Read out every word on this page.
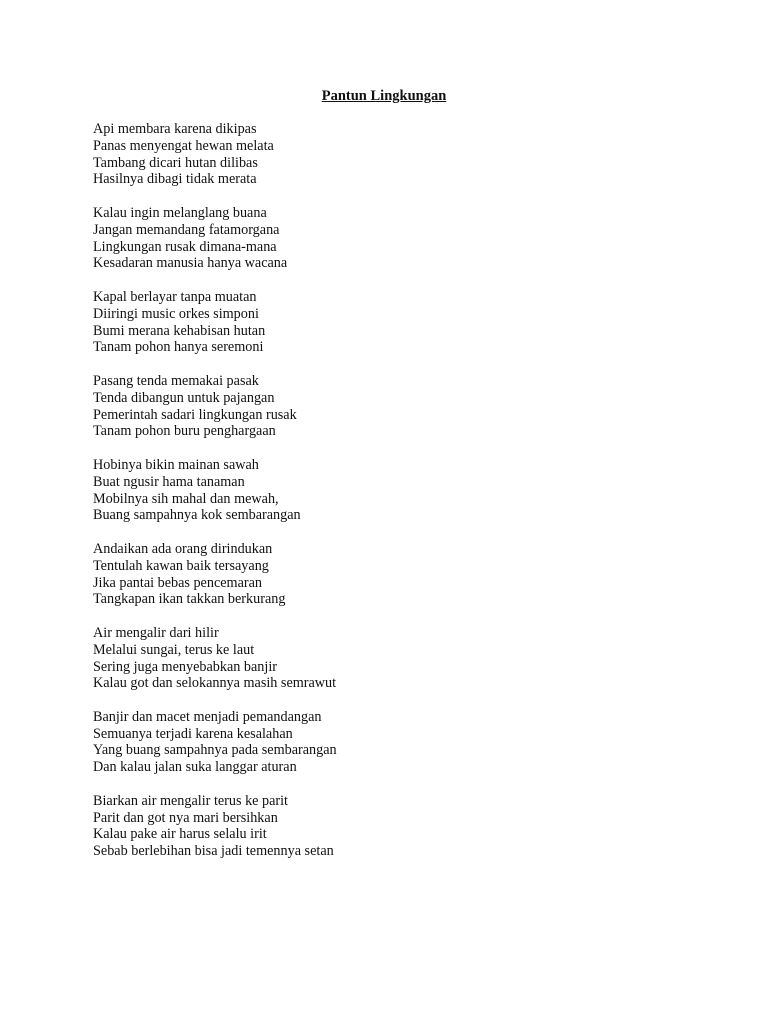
Pantun Lingkungan
Api membara karena dikipas
Panas menyengat hewan melata
Tambang dicari hutan dilibas
Hasilnya dibagi tidak merata
Kalau ingin melanglang buana
Jangan memandang fatamorgana
Lingkungan rusak dimana-mana
Kesadaran manusia hanya wacana
Kapal berlayar tanpa muatan
Diiringi music orkes simponi
Bumi merana kehabisan hutan
Tanam pohon hanya seremoni
Pasang tenda memakai pasak
Tenda dibangun untuk pajangan
Pemerintah sadari lingkungan rusak
Tanam pohon buru penghargaan
Hobinya bikin mainan sawah
Buat ngusir hama tanaman
Mobilnya sih mahal dan mewah,
Buang sampahnya kok sembarangan
Andaikan ada orang dirindukan
Tentulah kawan baik tersayang
Jika pantai bebas pencemaran
Tangkapan ikan takkan berkurang
Air mengalir dari hilir
Melalui sungai, terus ke laut
Sering juga menyebabkan banjir
Kalau got dan selokannya masih semrawut
Banjir dan macet menjadi pemandangan
Semuanya terjadi karena kesalahan
Yang buang sampahnya pada sembarangan
Dan kalau jalan suka langgar aturan
Biarkan air mengalir terus ke parit
Parit dan got nya mari bersihkan
Kalau pake air harus selalu irit
Sebab berlebihan bisa jadi temennya setan
